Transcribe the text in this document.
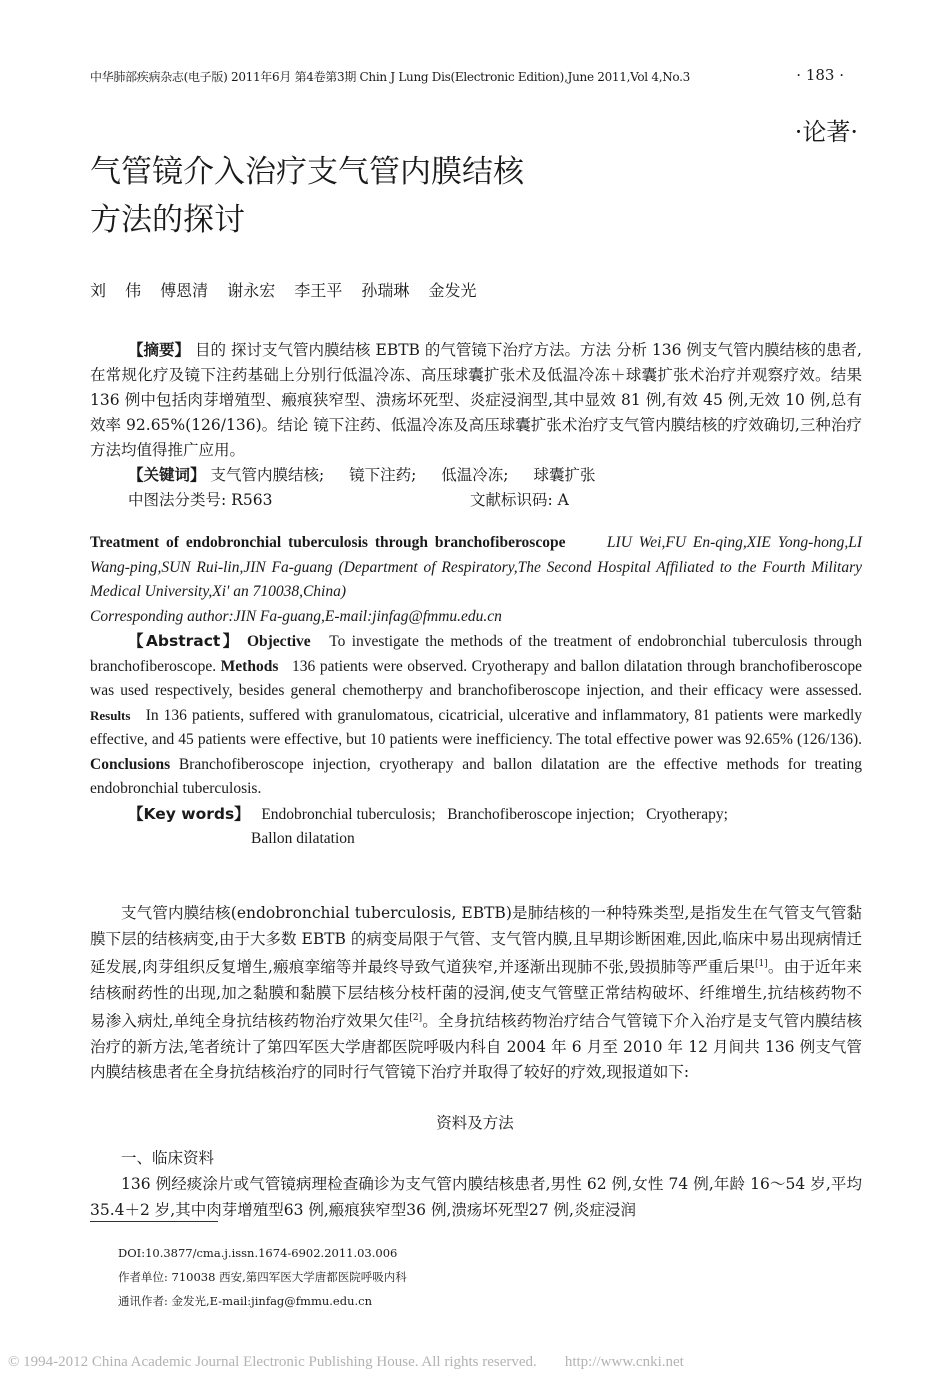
中华肺部疾病杂志(电子版) 2011年6月 第4卷第3期 Chin J Lung Dis(Electronic Edition),June 2011,Vol 4,No.3	· 183 ·
·论著·
气管镜介入治疗支气管内膜结核
方法的探讨
刘 伟 傅恩清 谢永宏 李王平 孙瑞琳 金发光

【摘要】 目的 探讨支气管内膜结核 EBTB 的气管镜下治疗方法。方法 分析 136 例支气管内膜结核的患者,在常规化疗及镜下注药基础上分别行低温冷冻、高压球囊扩张术及低温冷冻＋球囊扩张术治疗并观察疗效。结果 136 例中包括肉芽增殖型、瘢痕狭窄型、溃疡坏死型、炎症浸润型,其中显效 81 例,有效 45 例,无效 10 例,总有效率 92.65%(126/136)。结论 镜下注药、低温冷冻及高压球囊扩张术治疗支气管内膜结核的疗效确切,三种治疗方法均值得推广应用。

【关键词】 支气管内膜结核; 镜下注药; 低温冷冻; 球囊扩张

中图法分类号: R563	文献标识码: A

Treatment of endobronchial tuberculosis through branchofiberoscope	LIU Wei,FU En-qing,XIE Yong-hong,LI Wang-ping,SUN Rui-lin,JIN Fa-guang (Department of Respiratory,The Second Hospital Affiliated to the Fourth Military Medical University,Xi' an 710038,China)

Corresponding author:JIN Fa-guang,E-mail:jinfag@fmmu.edu.cn

【Abstract】 Objective To investigate the methods of the treatment of endobronchial tuberculosis through branchofiberoscope. Methods 136 patients were observed. Cryotherapy and ballon dilatation through branchofiberoscope was used respectively, besides general chemotherpy and branchofiberoscope injection, and their efficacy were assessed. Results In 136 patients, suffered with granulomatous, cicatricial, ulcerative and inflammatory, 81 patients were markedly effective, and 45 patients were effective, but 10 patients were inefficiency. The total effective power was 92.65% (126/136). Conclusions Branchofiberoscope injection, cryotherapy and ballon dilatation are the effective methods for treating endobronchial tuberculosis.

【Key words】 Endobronchial tuberculosis;   Branchofiberoscope injection;   Cryotherapy;

Ballon dilatation

支气管内膜结核(endobronchial tuberculosis, EBTB)是肺结核的一种特殊类型,是指发生在气管支气管黏膜下层的结核病变,由于大多数 EBTB 的病变局限于气管、支气管内膜,且早期诊断困难,因此,临床中易出现病情迁延发展,肉芽组织反复增生,瘢痕挛缩等并最终导致气道狭窄,并逐渐出现肺不张,毁损肺等严重后果[1]。由于近年来结核耐药性的出现,加之黏膜和黏膜下层结核分枝杆菌的浸润,使支气管壁正常结构破坏、纤维增生,抗结核药物不易渗入病灶,单纯全身抗结核药物治疗效果欠佳[2]。全身抗结核药物治疗结合气管镜下介入治疗是支气管内膜结核治疗的新方法,笔者统计了第四军医大学唐都医院呼吸内科自 2004 年 6 月至 2010 年 12 月间共 136 例支气管内膜结核患者在全身抗结核治疗的同时行气管镜下治疗并取得了较好的疗效,现报道如下:

资料及方法
一、临床资料

136 例经痰涂片或气管镜病理检查确诊为支气管内膜结核患者,男性 62 例,女性 74 例,年龄 16～54 岁,平均35.4＋2 岁,其中肉芽增殖型63 例,瘢痕狭窄型36 例,溃疡坏死型27 例,炎症浸润

DOI:10.3877/cma.j.issn.1674-6902.2011.03.006
作者单位: 710038 西安,第四军医大学唐都医院呼吸内科
通讯作者: 金发光,E-mail:jinfag@fmmu.edu.cn
© 1994-2012 China Academic Journal Electronic Publishing House. All rights reserved. http://www.cnki.net
